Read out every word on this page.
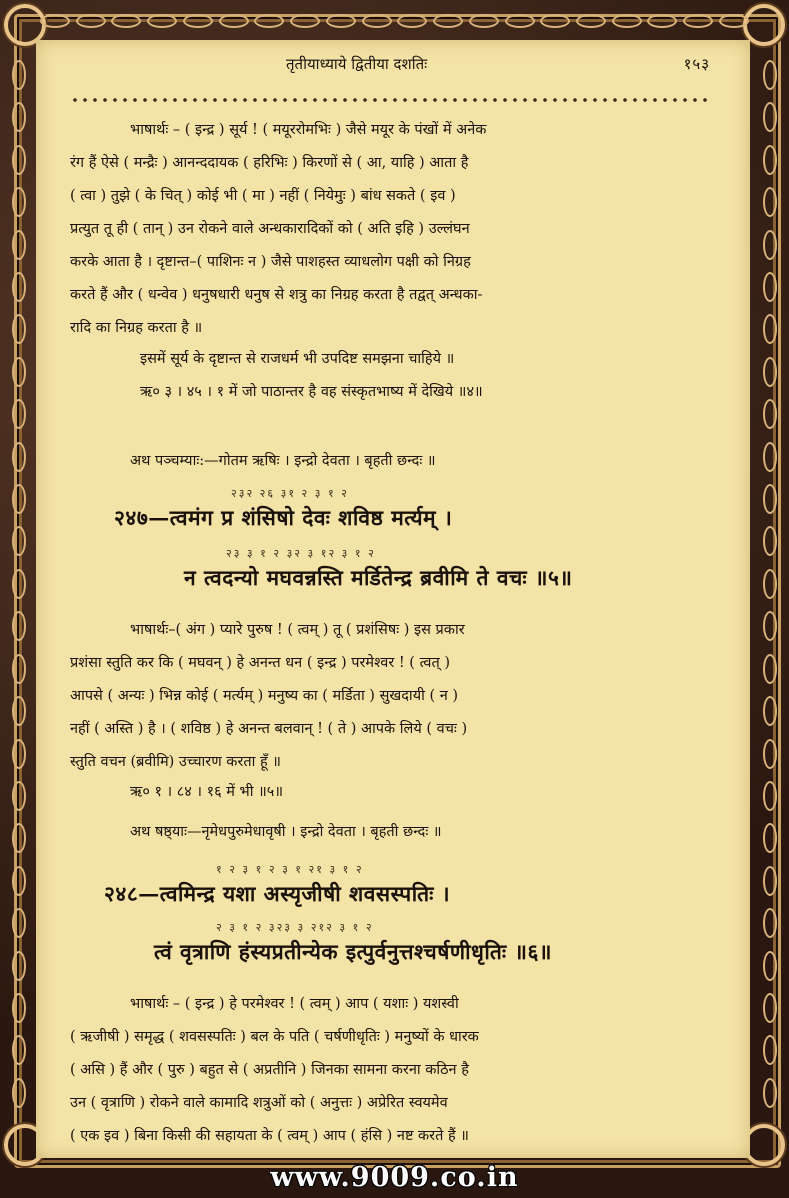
तृतीयाध्याये द्वितीया दशतिः	१५३
भाषार्थः – ( इन्द्र ) सूर्य ! ( मयूररोमभिः ) जैसे मयूर के पंखों में अनेक
रंग हैं ऐसे ( मन्द्रैः ) आनन्ददायक ( हरिभिः ) किरणों से ( आ, याहि ) आता है
( त्वा ) तुझे ( के चित् ) कोई भी ( मा ) नहीं ( नियेमुः ) बांध सकते ( इव )
प्रत्युत तू ही ( तान् ) उन रोकने वाले अन्धकारादिकों को ( अति इहि ) उल्लंघन
करके आता है । दृष्टान्त–( पाशिनः न ) जैसे पाशहस्त व्याधलोग पक्षी को निग्रह
करते हैं और ( धन्वेव ) धनुषधारी धनुष से शत्रु का निग्रह करता है तद्वत् अन्धका-
रादि का निग्रह करता है ॥
इसमें सूर्य के दृष्टान्त से राजधर्म भी उपदिष्ट समझना चाहिये ॥
ऋ० ३ । ४५ । १ में जो पाठान्तर है वह संस्कृतभाष्य में देखिये ॥४॥
अथ पञ्चम्याः:—गोतम ऋषिः । इन्द्रो देवता । बृहती छन्दः ॥
२३२ २६ ३१ २ ३ १ २
२४७—त्वमंग प्र शंसिषो देवः शविष्ठ मर्त्यम् ।
२३ ३ १ २ ३२ ३ १२ ३ १ २
न त्वदन्यो मघवन्नस्ति मर्डितेन्द्र ब्रवीमि ते वचः ॥५॥
भाषार्थः–( अंग ) प्यारे पुरुष ! ( त्वम् ) तू ( प्रशंसिषः ) इस प्रकार
प्रशंसा स्तुति कर कि ( मघवन् ) हे अनन्त धन ( इन्द्र ) परमेश्वर ! ( त्वत् )
आपसे ( अन्यः ) भिन्न कोई ( मर्त्यम् ) मनुष्य का ( मर्डिता ) सुखदायी ( न )
नहीं ( अस्ति ) है । ( शविष्ठ ) हे अनन्त बलवान् ! ( ते ) आपके लिये ( वचः )
स्तुति वचन (ब्रवीमि) उच्चारण करता हूँ ॥
ऋ० १ । ८४ । १६ में भी ॥५॥
अथ षष्ठ्याः—नृमेधपुरुमेधावृषी । इन्द्रो देवता । बृहती छन्दः ॥
१ २ ३ १ २ ३ १ २१ ३ १ २
२४८—त्वमिन्द्र यशा अस्यृजीषी शवसस्पतिः ।
२ ३ १ २ ३२३ ३ २१२ ३ १ २
त्वं वृत्राणि हंस्यप्रतीन्येक इत्पुर्वनुत्तश्चर्षणीधृतिः ॥६॥
भाषार्थः – ( इन्द्र ) हे परमेश्वर ! ( त्वम् ) आप ( यशाः ) यशस्वी
( ऋजीषी ) समृद्ध ( शवसस्पतिः ) बल के पति ( चर्षणीधृतिः ) मनुष्यों के धारक
( असि ) हैं और ( पुरु ) बहुत से ( अप्रतीनि ) जिनका सामना करना कठिन है
उन ( वृत्राणि ) रोकने वाले कामादि शत्रुओं को ( अनुत्तः ) अप्रेरित स्वयमेव
( एक इव ) बिना किसी की सहायता के ( त्वम् ) आप ( हंसि ) नष्ट करते हैं ॥
www.9009.co.in
